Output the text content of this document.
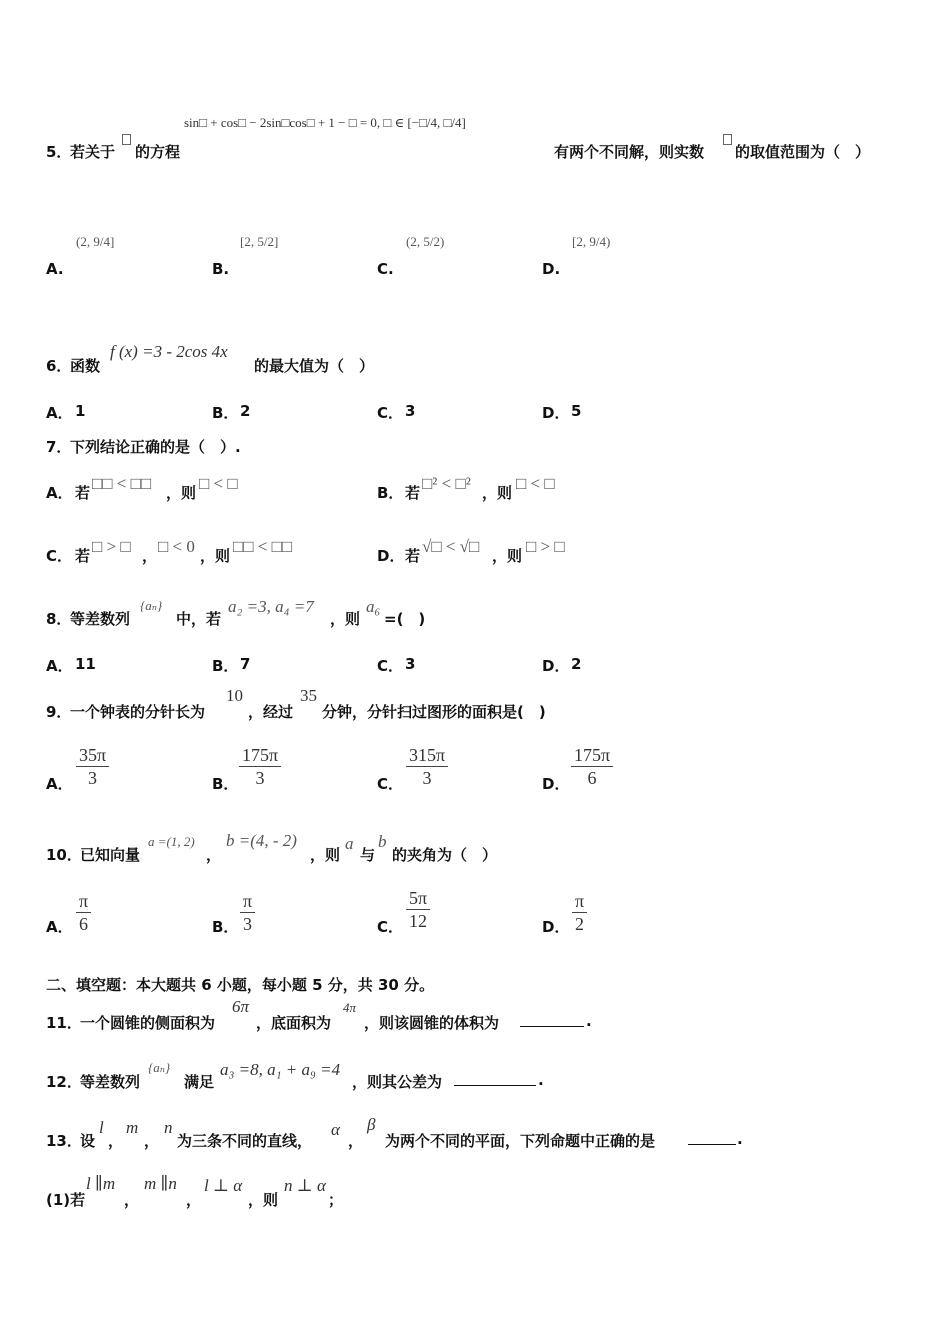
5．
若关于 的方程
sin□ + cos□ − 2sin□cos□ + 1 − □ = 0, □ ∈ [−□/4, □/4]
有两个不同解，则实数 的取值范围为（　）
A.
(2, 9/4]
B.
[2, 5/2]
C.
(2, 5/2)
D.
[2, 9/4)
6．
函数
f (x) =3 - 2cos 4x
的最大值为（　）
A． 1	B． 2	C． 3	D． 5
7．
下列结论正确的是（　）.
A． 若 □□ < □□ ，则 □ < □	B． 若 □² < □² ，则 □ < □
C． 若 □ > □ ， □ < 0 ，则 □□ < □□	D． 若 √□ < √□ ，则 □ > □
8．
等差数列
{aₙ}
中，若
a₂ =3, a₄ =7
，则
a₆
=(　)
A． 11	B． 7	C． 3	D． 2
9．
一个钟表的分针长为
10
，经过
35
分钟，分针扫过图形的面积是(　)
A． $\frac{35\pi}{3}$	B． $\frac{175\pi}{3}$	C． $\frac{315\pi}{3}$	D． $\frac{175\pi}{6}$
10．
已知向量
a =(1, 2)
，
b =(4, - 2)
，则
a
与
b
的夹角为（　）
A． $\frac{\pi}{6}$	B． $\frac{\pi}{3}$	C． $\frac{5\pi}{12}$	D． $\frac{\pi}{2}$
二、填空题：本大题共 6 小题，每小题 5 分，共 30 分。
11．
一个圆锥的侧面积为
6π
，底面积为
4π
，则该圆锥的体积为	.
12．
等差数列
{aₙ}
满足
a₃ =8, a₁ + a₉ =4
，则其公差为	.
13．
设
l
，
m
，
n
为三条不同的直线，
α
，
β
为两个不同的平面，下列命题中正确的是	.
(1)若
l ∥m
，
m ∥n
，
l ⊥ α
，则
n ⊥ α
；
